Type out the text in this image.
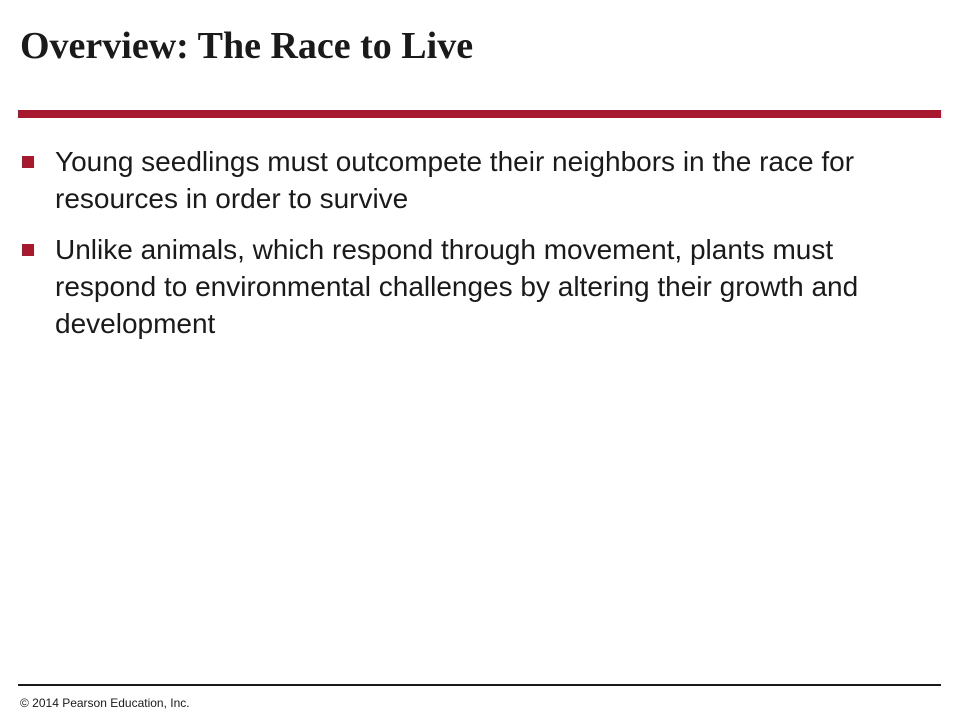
Overview: The Race to Live
Young seedlings must outcompete their neighbors in the race for resources in order to survive
Unlike animals, which respond through movement, plants must respond to environmental challenges by altering their growth and development
© 2014 Pearson Education, Inc.
